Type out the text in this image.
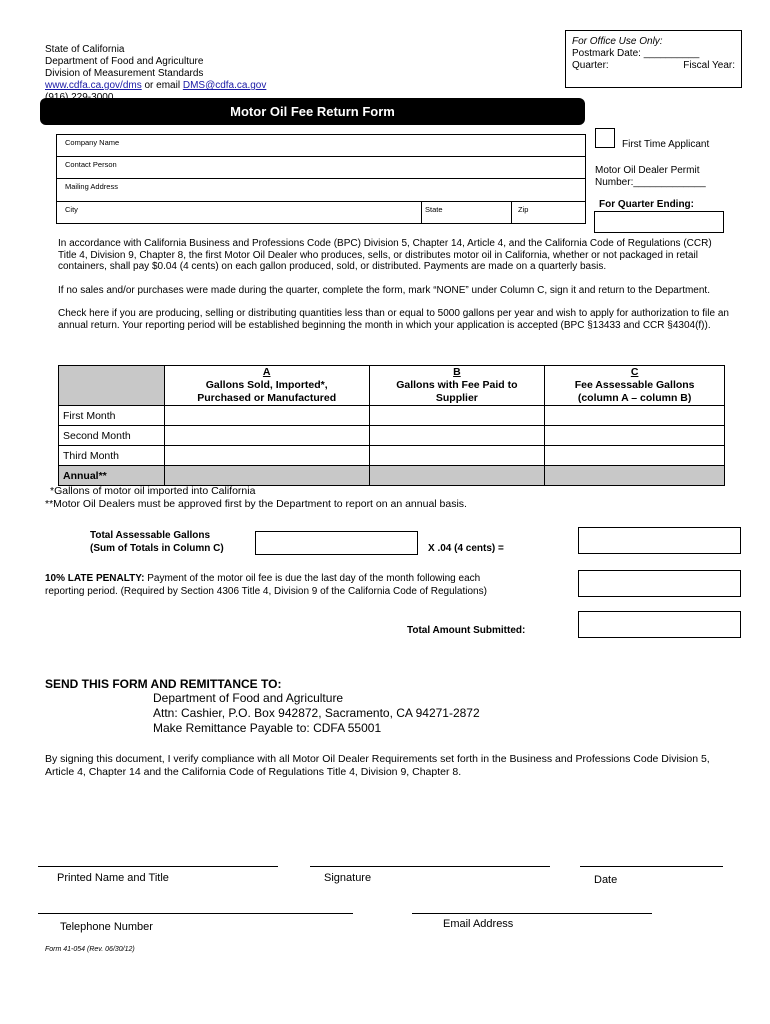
State of California
Department of Food and Agriculture
Division of Measurement Standards
www.cdfa.ca.gov/dms or email DMS@cdfa.ca.gov
For Office Use Only:
Postmark Date: __________
Quarter:	Fiscal Year:
Motor Oil Fee Return Form
Company Name
Contact Person
Mailing Address
City	State	Zip
First Time Applicant
Motor Oil Dealer Permit
Number:_____________
For Quarter Ending:
In accordance with California Business and Professions Code (BPC) Division 5, Chapter 14, Article 4, and the California Code of Regulations (CCR) Title 4, Division 9, Chapter 8, the first Motor Oil Dealer who produces, sells, or distributes motor oil in California, whether or not packaged in retail containers, shall pay $0.04 (4 cents) on each gallon produced, sold, or distributed. Payments are made on a quarterly basis.
If no sales and/or purchases were made during the quarter, complete the form, mark “NONE” under Column C, sign it and return to the Department.
Check here if you are producing, selling or distributing quantities less than or equal to 5000 gallons per year and wish to apply for authorization to file an annual return. Your reporting period will be established beginning the month in which your application is accepted (BPC §13433 and CCR §4304(f)).
	A
Gallons Sold, Imported*,
Purchased or Manufactured	B
Gallons with Fee Paid to
Supplier	C
Fee Assessable Gallons
(column A – column B)
First Month			
Second Month			
Third Month			
Annual**			
*Gallons of motor oil imported into California
**Motor Oil Dealers must be approved first by the Department to report on an annual basis.
Total Assessable Gallons
(Sum of Totals in Column C)	X .04 (4 cents) =
10% LATE PENALTY: Payment of the motor oil fee is due the last day of the month following each
reporting period. (Required by Section 4306 Title 4, Division 9 of the California Code of Regulations)
Total Amount Submitted:
SEND THIS FORM AND REMITTANCE TO:
Department of Food and Agriculture
Attn: Cashier, P.O. Box 942872, Sacramento, CA 94271-2872
Make Remittance Payable to: CDFA 55001
By signing this document, I verify compliance with all Motor Oil Dealer Requirements set forth in the Business and Professions Code Division 5, Article 4, Chapter 14 and the California Code of Regulations Title 4, Division 9, Chapter 8.
Printed Name and Title	Signature	Date
Telephone Number	Email Address
Form 41-054 (Rev. 06/30/12)
